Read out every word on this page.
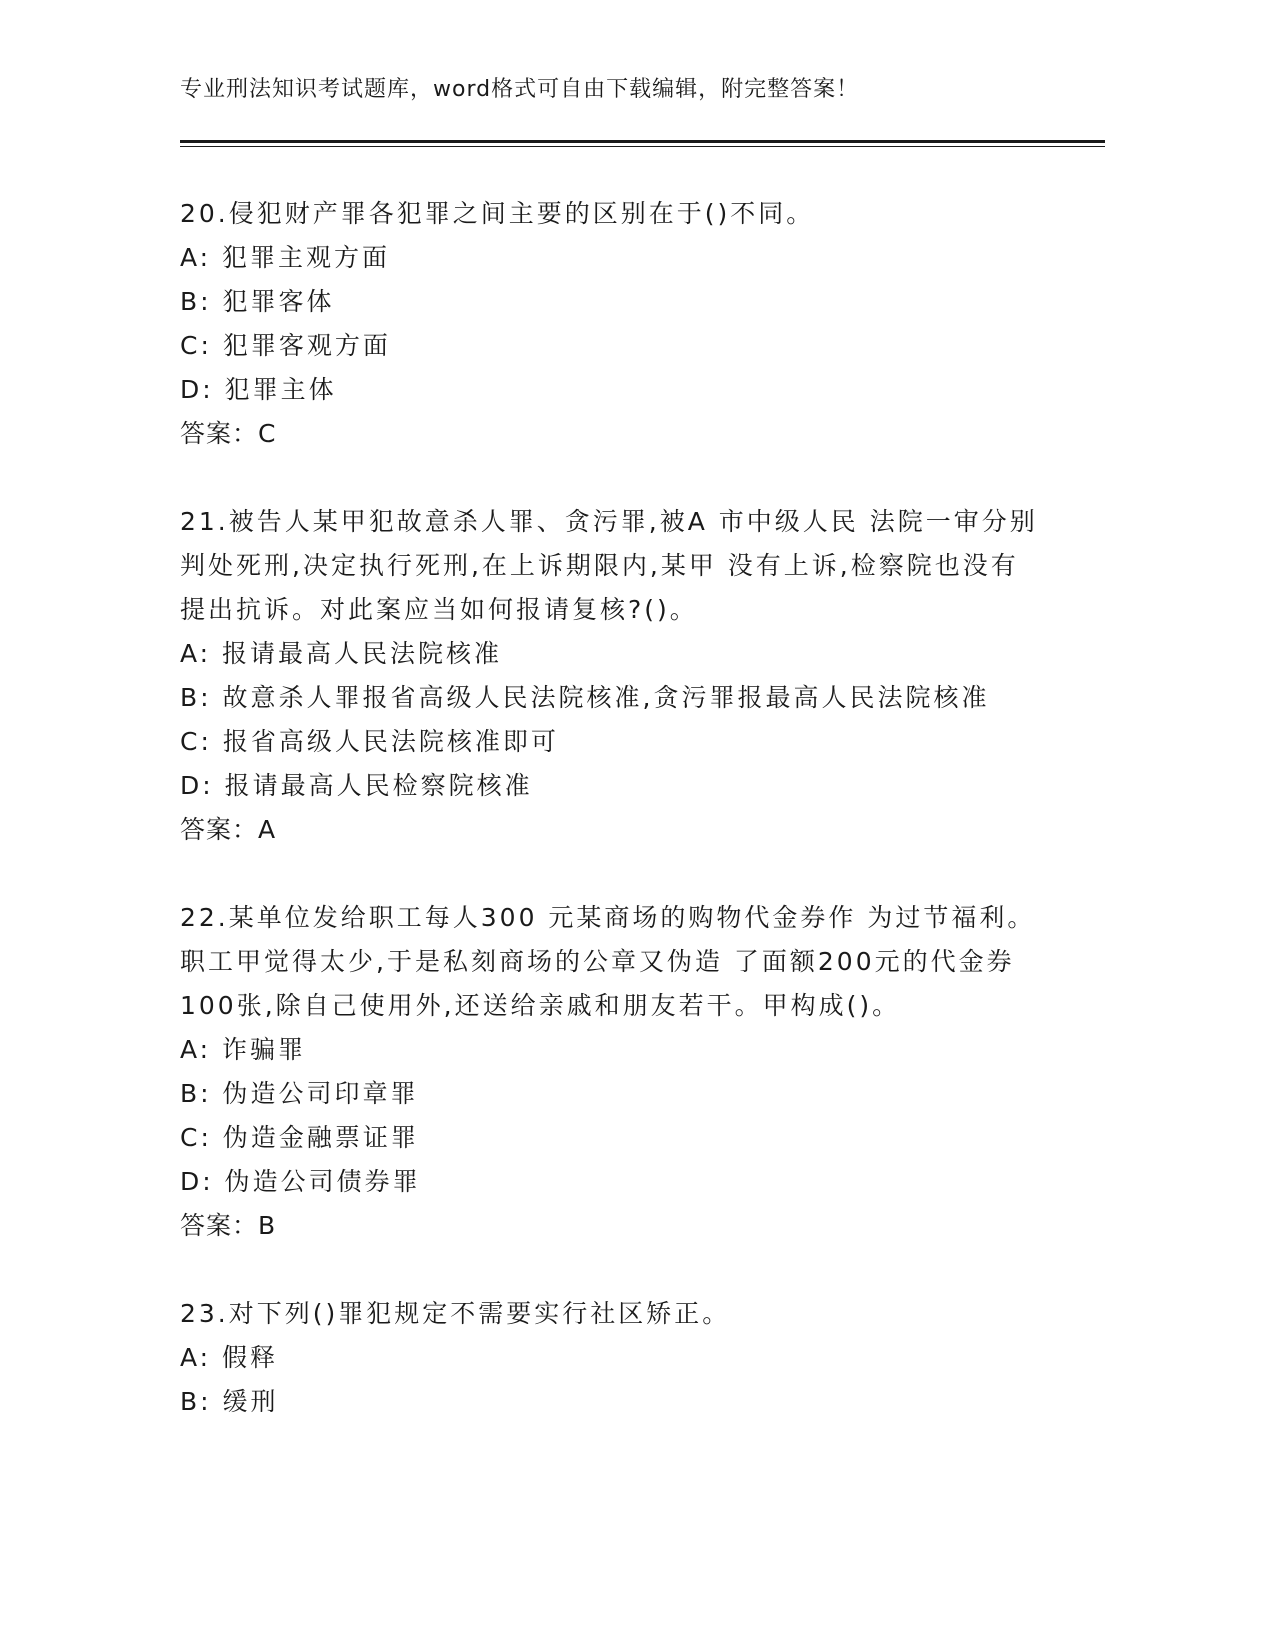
专业刑法知识考试题库，word格式可自由下载编辑，附完整答案！
20.侵犯财产罪各犯罪之间主要的区别在于()不同。
A: 犯罪主观方面
B: 犯罪客体
C: 犯罪客观方面
D: 犯罪主体
答案：C
21.被告人某甲犯故意杀人罪、贪污罪,被A 市中级人民 法院一审分别
判处死刑,决定执行死刑,在上诉期限内,某甲 没有上诉,检察院也没有
提出抗诉。对此案应当如何报请复核?()。
A: 报请最高人民法院核准
B: 故意杀人罪报省高级人民法院核准,贪污罪报最高人民法院核准
C: 报省高级人民法院核准即可
D: 报请最高人民检察院核准
答案：A
22.某单位发给职工每人300 元某商场的购物代金券作 为过节福利。
职工甲觉得太少,于是私刻商场的公章又伪造 了面额200元的代金券
100张,除自己使用外,还送给亲戚和朋友若干。甲构成()。
A: 诈骗罪
B: 伪造公司印章罪
C: 伪造金融票证罪
D: 伪造公司债券罪
答案：B
23.对下列()罪犯规定不需要实行社区矫正。
A: 假释
B: 缓刑
